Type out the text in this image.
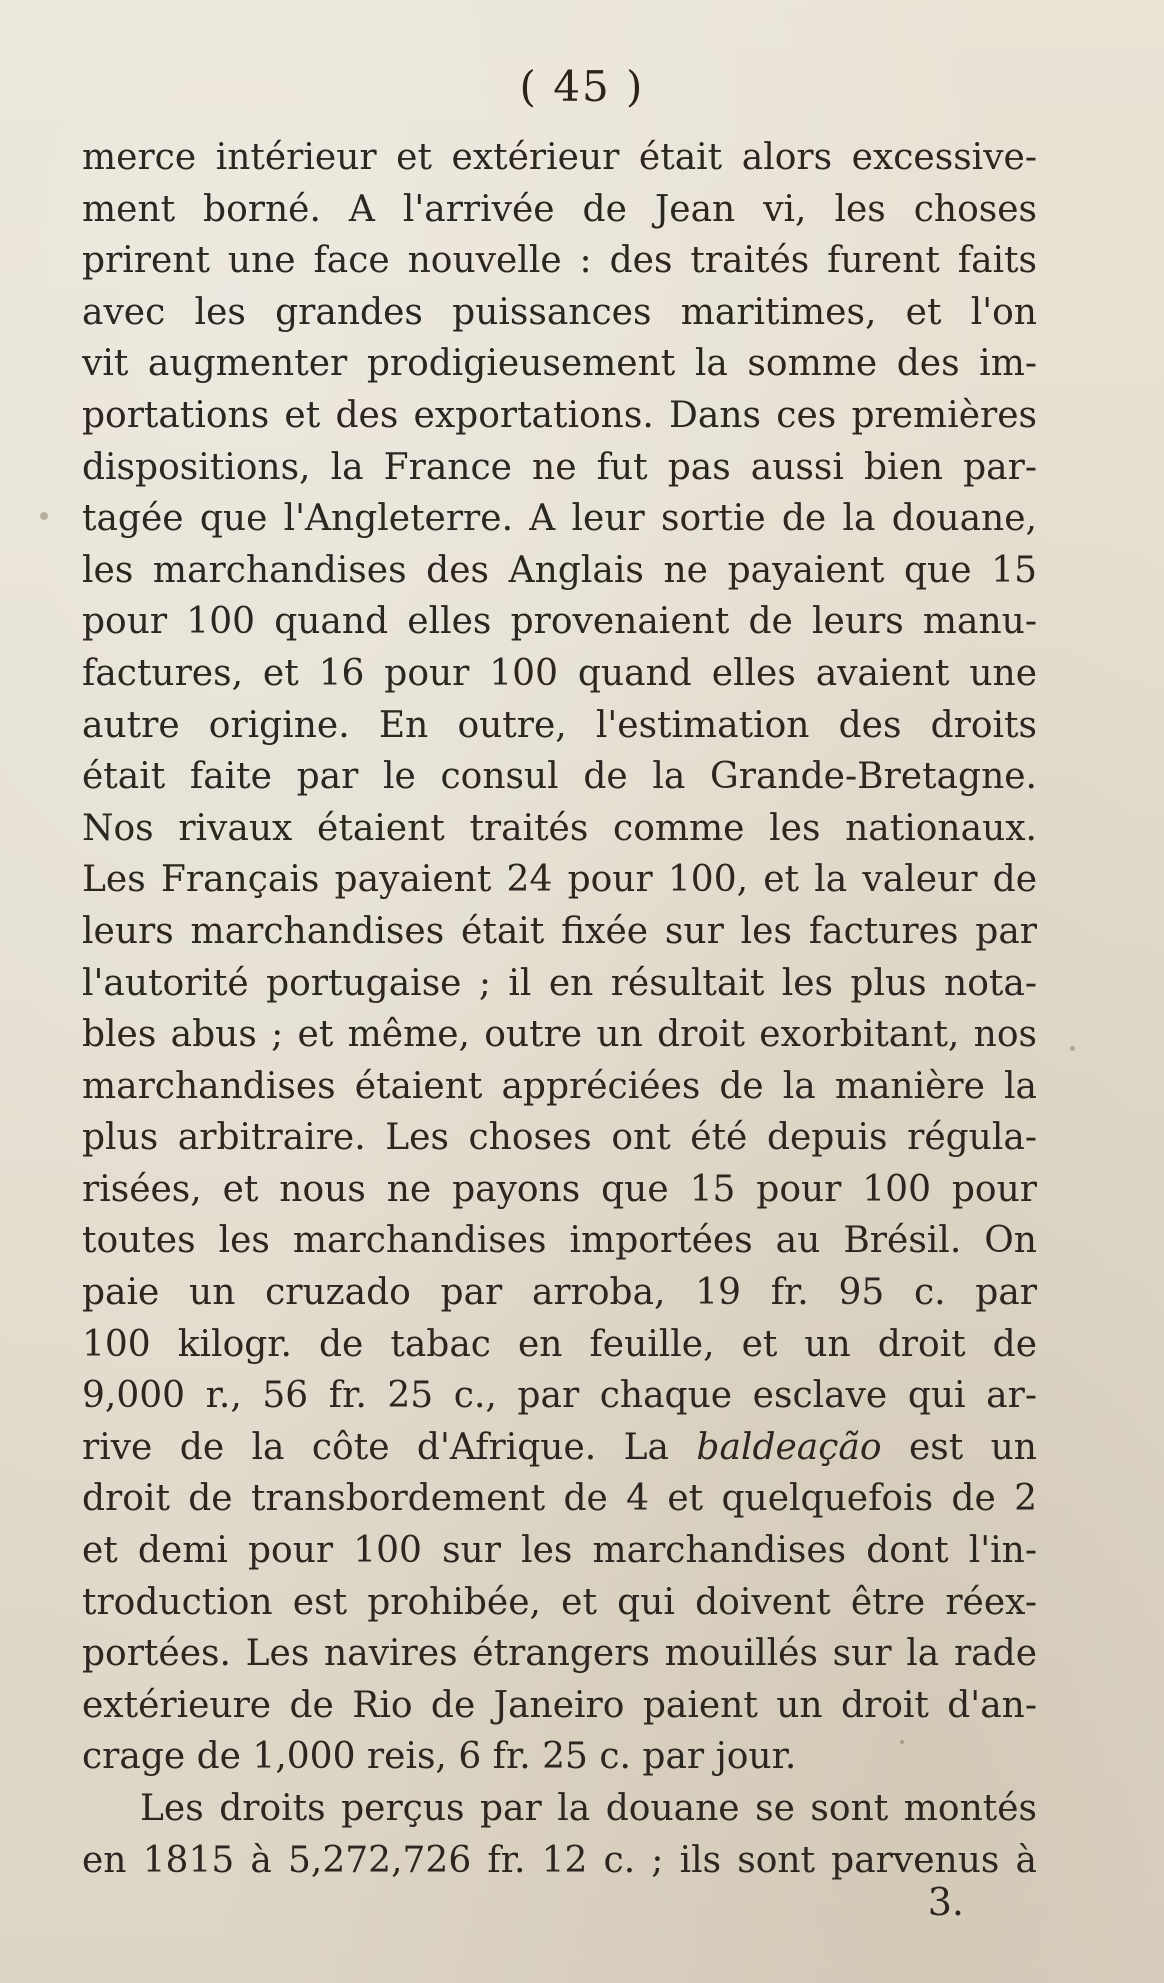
( 45 )
merce intérieur et extérieur était alors excessive-
ment borné. A l'arrivée de Jean vi, les choses
prirent une face nouvelle : des traités furent faits
avec les grandes puissances maritimes, et l'on
vit augmenter prodigieusement la somme des im-
portations et des exportations. Dans ces premières
dispositions, la France ne fut pas aussi bien par-
tagée que l'Angleterre. A leur sortie de la douane,
les marchandises des Anglais ne payaient que 15
pour 100 quand elles provenaient de leurs manu-
factures, et 16 pour 100 quand elles avaient une
autre origine. En outre, l'estimation des droits
était faite par le consul de la Grande-Bretagne.
Nos rivaux étaient traités comme les nationaux.
Les Français payaient 24 pour 100, et la valeur de
leurs marchandises était fixée sur les factures par
l'autorité portugaise ; il en résultait les plus nota-
bles abus ; et même, outre un droit exorbitant, nos
marchandises étaient appréciées de la manière la
plus arbitraire. Les choses ont été depuis régula-
risées, et nous ne payons que 15 pour 100 pour
toutes les marchandises importées au Brésil. On
paie un cruzado par arroba, 19 fr. 95 c. par
100 kilogr. de tabac en feuille, et un droit de
9,000 r., 56 fr. 25 c., par chaque esclave qui ar-
rive de la côte d'Afrique. La baldeação est un
droit de transbordement de 4 et quelquefois de 2
et demi pour 100 sur les marchandises dont l'in-
troduction est prohibée, et qui doivent être réex-
portées. Les navires étrangers mouillés sur la rade
extérieure de Rio de Janeiro paient un droit d'an-
crage de 1,000 reis, 6 fr. 25 c. par jour.
Les droits perçus par la douane se sont montés
en 1815 à 5,272,726 fr. 12 c. ; ils sont parvenus à
3.
